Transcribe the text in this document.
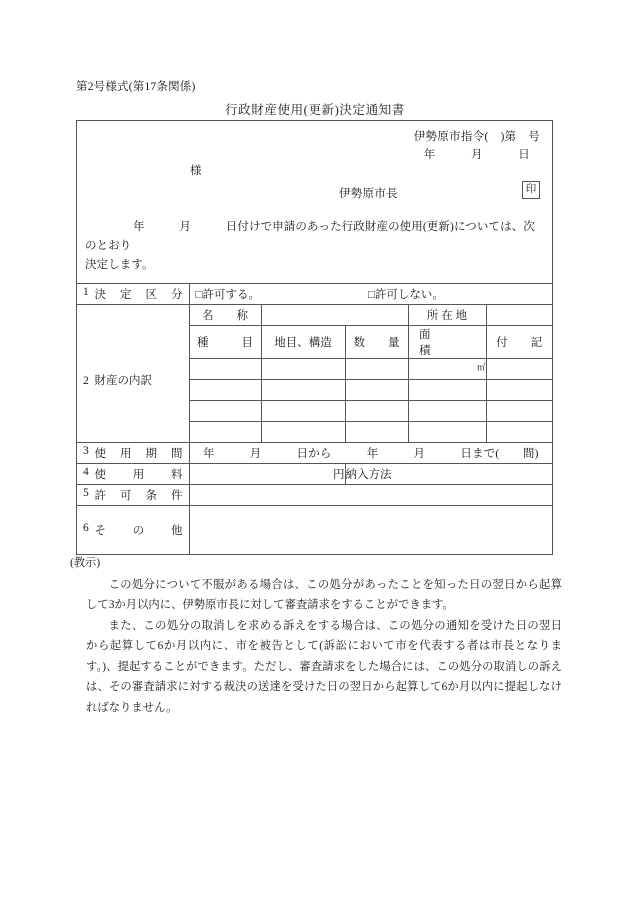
第2号様式(第17条関係)
行政財産使用(更新)決定通知書
伊勢原市指令(　)第　号
年　　　月　　　日
様
伊勢原市長	印
年　　　月　　　日付けで申請のあった行政財産の使用(更新)については、次のとおり
決定します。
1 決定区分	□許可する。 □許可しない。				

	名　　称			所 在 地	
	種　　目	地目、構造	数　　量	面　　　積	付　　記

2 財産の内訳				㎡	

3 使用期間	年　　　月　　　日から　　　年　　　月　　　日まで(　　間)				

4 使用料	円		納入方法		

5 許可条件					

6 その他					

(教示)

この処分について不服がある場合は、この処分があったことを知った日の翌日から起算して3か月以内に、伊勢原市長に対して審査請求をすることができます。

また、この処分の取消しを求める訴えをする場合は、この処分の通知を受けた日の翌日から起算して6か月以内に、市を被告として(訴訟において市を代表する者は市長となります。)、提起することができます。ただし、審査請求をした場合には、この処分の取消しの訴えは、その審査請求に対する裁決の送達を受けた日の翌日から起算して6か月以内に提起しなければなりません。
